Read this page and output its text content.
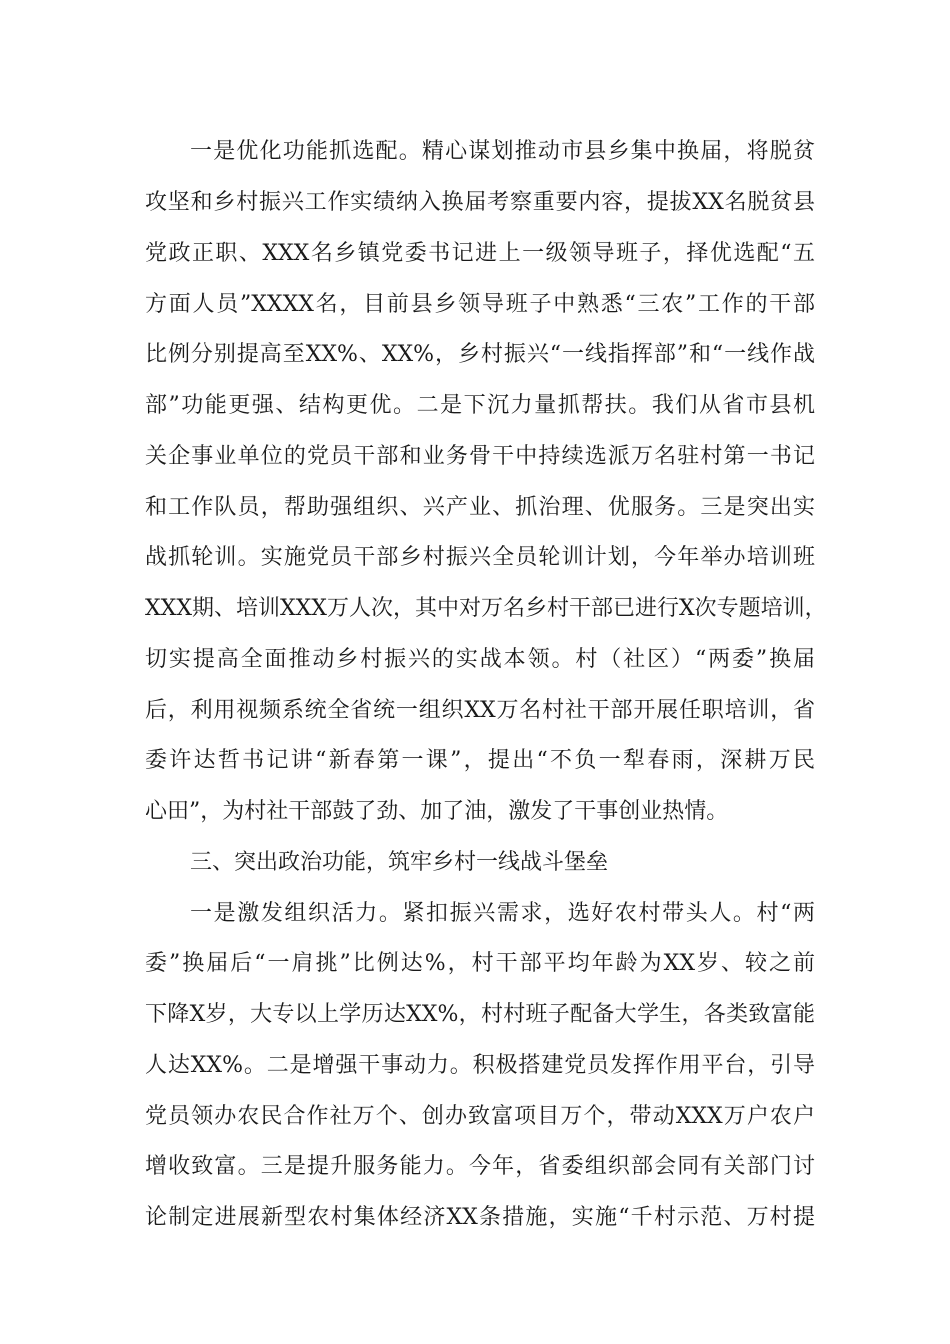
一是优化功能抓选配。精心谋划推动市县乡集中换届，将脱贫
攻坚和乡村振兴工作实绩纳入换届考察重要内容，提拔XX名脱贫县
党政正职、XXX名乡镇党委书记进上一级领导班子，择优选配“五
方面人员”XXXX名，目前县乡领导班子中熟悉“三农”工作的干部
比例分别提高至XX%、XX%，乡村振兴“一线指挥部”和“一线作战
部”功能更强、结构更优。二是下沉力量抓帮扶。我们从省市县机
关企事业单位的党员干部和业务骨干中持续选派万名驻村第一书记
和工作队员，帮助强组织、兴产业、抓治理、优服务。三是突出实
战抓轮训。实施党员干部乡村振兴全员轮训计划，今年举办培训班
XXX期、培训XXX万人次，其中对万名乡村干部已进行X次专题培训，
切实提高全面推动乡村振兴的实战本领。村（社区）“两委”换届
后，利用视频系统全省统一组织XX万名村社干部开展任职培训，省
委许达哲书记讲“新春第一课”，提出“不负一犁春雨，深耕万民
心田”，为村社干部鼓了劲、加了油，激发了干事创业热情。
三、突出政治功能，筑牢乡村一线战斗堡垒
一是激发组织活力。紧扣振兴需求，选好农村带头人。村“两
委”换届后“一肩挑”比例达%，村干部平均年龄为XX岁、较之前
下降X岁，大专以上学历达XX%，村村班子配备大学生，各类致富能
人达XX%。二是增强干事动力。积极搭建党员发挥作用平台，引导
党员领办农民合作社万个、创办致富项目万个，带动XXX万户农户
增收致富。三是提升服务能力。今年，省委组织部会同有关部门讨
论制定进展新型农村集体经济XX条措施，实施“千村示范、万村提
